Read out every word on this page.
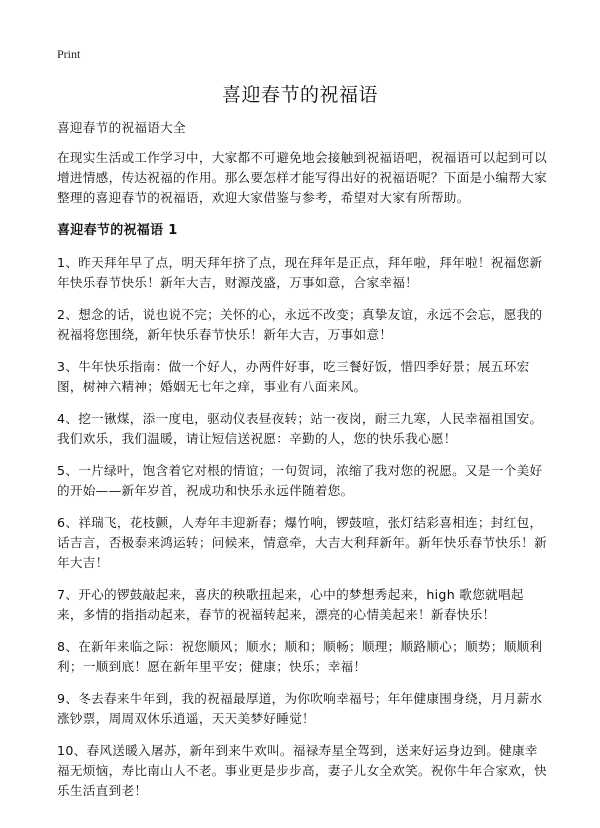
Print
喜迎春节的祝福语

喜迎春节的祝福语大全

在现实生活或工作学习中，大家都不可避免地会接触到祝福语吧，祝福语可以起到可以增进情感，传达祝福的作用。那么要怎样才能写得出好的祝福语呢？下面是小编帮大家整理的喜迎春节的祝福语，欢迎大家借鉴与参考，希望对大家有所帮助。

喜迎春节的祝福语 1

1、昨天拜年早了点，明天拜年挤了点，现在拜年是正点，拜年啦，拜年啦！祝福您新年快乐春节快乐！新年大吉，财源茂盛，万事如意，合家幸福！

2、想念的话，说也说不完；关怀的心，永远不改变；真挚友谊，永远不会忘，愿我的祝福将您围绕，新年快乐春节快乐！新年大吉，万事如意！

3、牛年快乐指南：做一个好人，办两件好事，吃三餐好饭，惜四季好景；展五环宏图，树神六精神；婚姻无七年之痒，事业有八面来风。

4、挖一锹煤，添一度电，驱动仪表昼夜转；站一夜岗，耐三九寒，人民幸福祖国安。我们欢乐，我们温暖，请让短信送祝愿：辛勤的人，您的快乐我心愿！

5、一片绿叶，饱含着它对根的情谊；一句贺词，浓缩了我对您的祝愿。又是一个美好的开始——新年岁首，祝成功和快乐永远伴随着您。

6、祥瑞飞，花枝颤，人寿年丰迎新春；爆竹响，锣鼓喧，张灯结彩喜相连；封红包，话吉言，否极泰来鸿运转；问候来，情意牵，大吉大利拜新年。新年快乐春节快乐！新年大吉！

7、开心的锣鼓敲起来，喜庆的秧歌扭起来，心中的梦想秀起来，high 歌您就唱起来，多情的指指动起来，春节的祝福转起来，漂亮的心情美起来！新春快乐！

8、在新年来临之际：祝您顺风；顺水；顺和；顺畅；顺理；顺路顺心；顺势；顺顺利利；一顺到底！愿在新年里平安；健康；快乐；幸福！

9、冬去春来牛年到，我的祝福最厚道，为你吹响幸福号；年年健康围身绕，月月薪水涨钞票，周周双休乐逍遥，天天美梦好睡觉！

10、春风送暖入屠苏，新年到来牛欢叫。福禄寿星全驾到，送来好运身边到。健康幸福无烦恼，寿比南山人不老。事业更是步步高，妻子儿女全欢笑。祝你牛年合家欢，快乐生活直到老！
